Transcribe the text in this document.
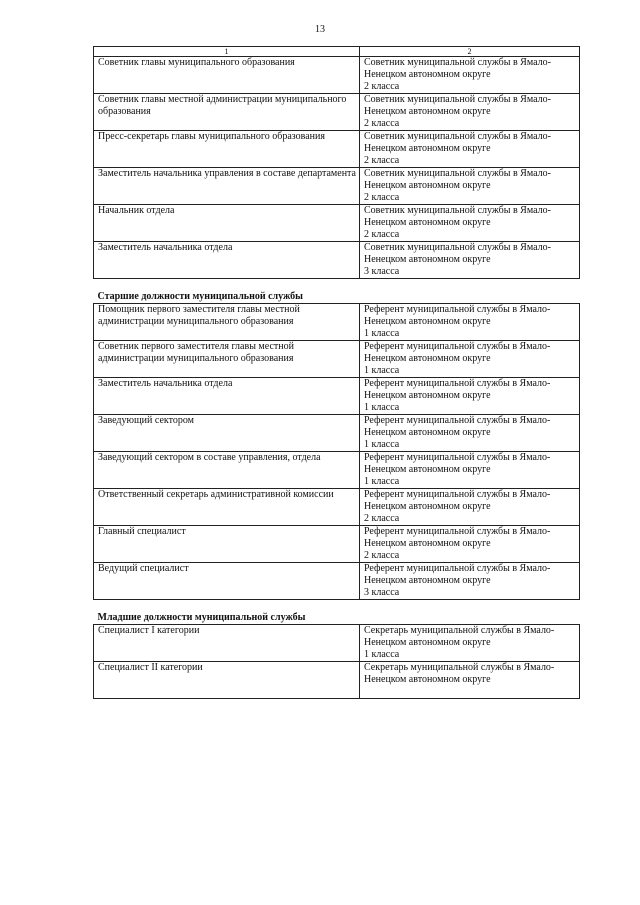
13
1	2
Советник главы муниципального образования	Советник муниципальной службы в Ямало-Ненецком автономном округе
2 класса

Советник главы местной администрации муниципального образования	Советник муниципальной службы в Ямало-Ненецком автономном округе
2 класса

Пресс-секретарь главы муниципального образования	Советник муниципальной службы в Ямало-Ненецком автономном округе
2 класса

Заместитель начальника управления в составе департамента	Советник муниципальной службы в Ямало-Ненецком автономном округе
2 класса

Начальник отдела	Советник муниципальной службы в Ямало-Ненецком автономном округе
2 класса

Заместитель начальника отдела	Советник муниципальной службы в Ямало-Ненецком автономном округе
3 класса

Старшие должности муниципальной службы	
Помощник первого заместителя главы местной администрации муниципального образования	Референт муниципальной службы в Ямало-Ненецком автономном округе
1 класса

Советник первого заместителя главы местной администрации муниципального образования	Референт муниципальной службы в Ямало-Ненецком автономном округе
1 класса

Заместитель начальника отдела	Референт муниципальной службы в Ямало-Ненецком автономном округе
1 класса

Заведующий сектором	Референт муниципальной службы в Ямало-Ненецком автономном округе
1 класса

Заведующий сектором в составе управления, отдела	Референт муниципальной службы в Ямало-Ненецком автономном округе
1 класса

Ответственный секретарь административной комиссии	Референт муниципальной службы в Ямало-Ненецком автономном округе
2 класса

Главный специалист	Референт муниципальной службы в Ямало-Ненецком автономном округе
2 класса

Ведущий специалист	Референт муниципальной службы в Ямало-Ненецком автономном округе
3 класса

Младшие должности муниципальной службы	
Специалист I категории	Секретарь муниципальной службы в Ямало-Ненецком автономном округе
1 класса

Специалист II категории	Секретарь муниципальной службы в Ямало-Ненецком автономном округе
